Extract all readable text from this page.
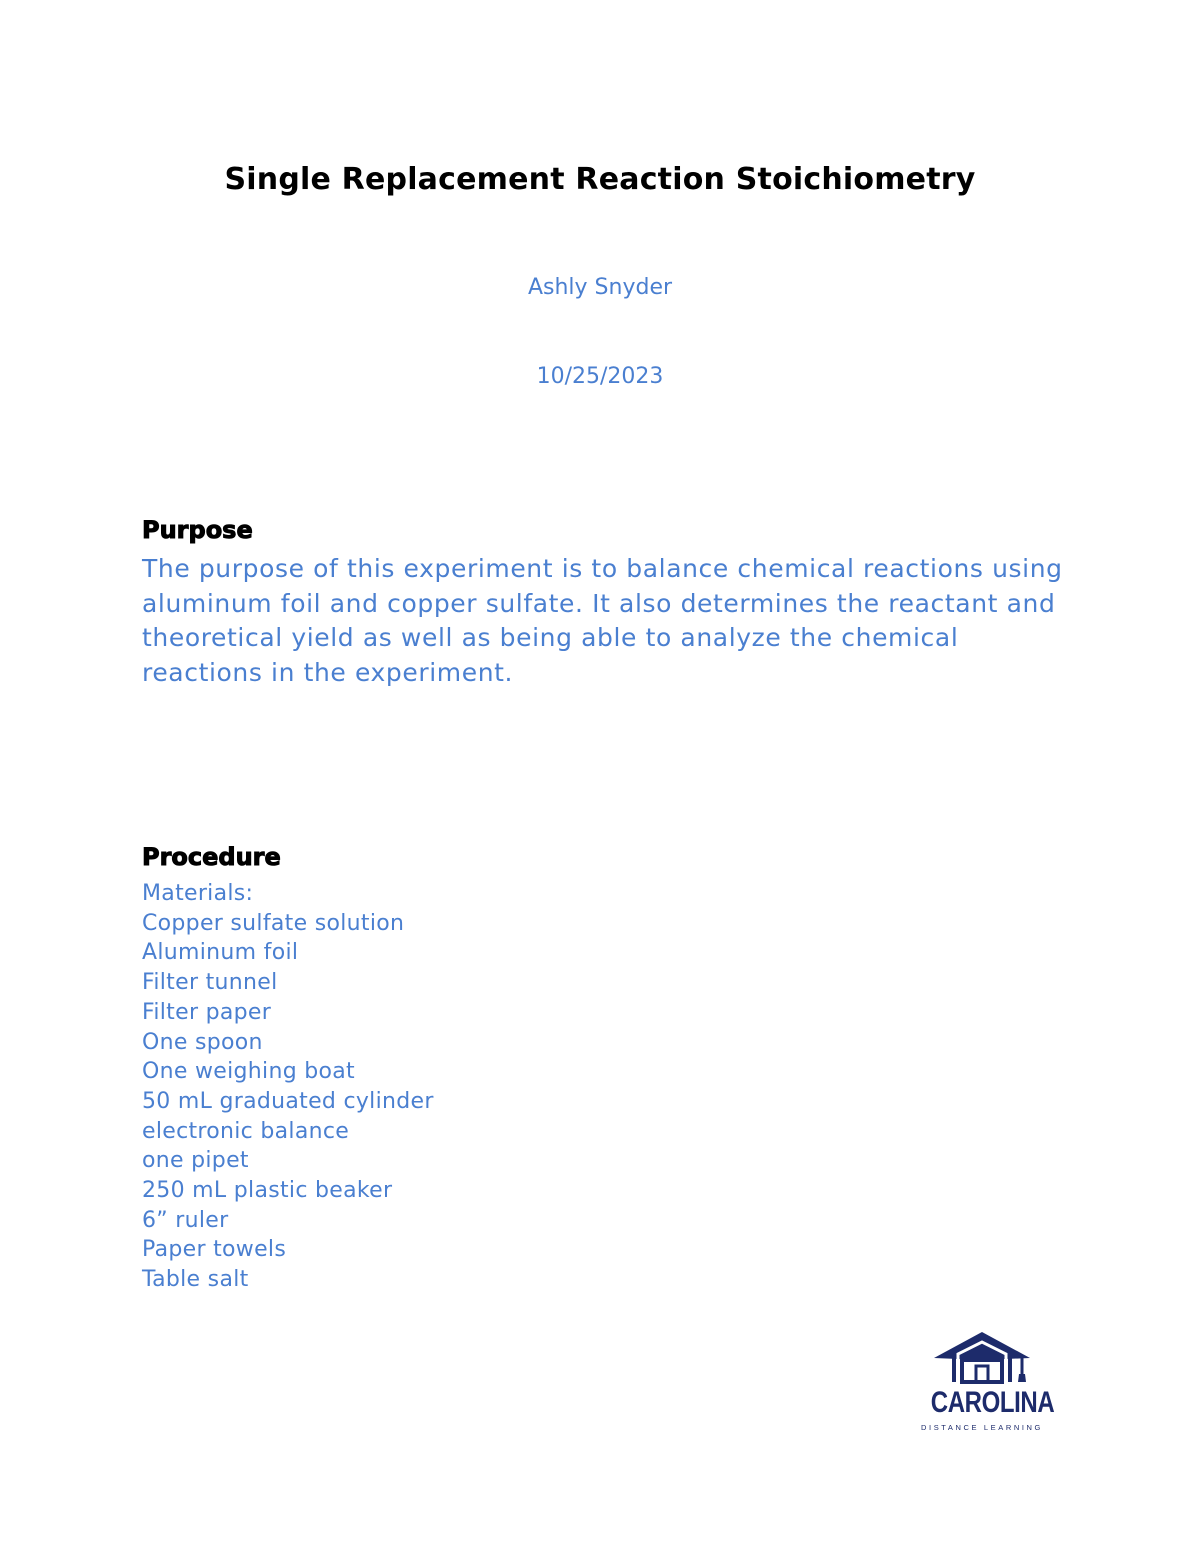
Single Replacement Reaction Stoichiometry
Ashly Snyder
10/25/2023
Purpose
The purpose of this experiment is to balance chemical reactions using aluminum foil and copper sulfate. It also determines the reactant and theoretical yield as well as being able to analyze the chemical reactions in the experiment.
Procedure
Materials:
Copper sulfate solution
Aluminum foil
Filter tunnel
Filter paper
One spoon
One weighing boat
50 mL graduated cylinder
electronic balance
one pipet
250 mL plastic beaker
6” ruler
Paper towels
Table salt
CAROLINA
DISTANCE LEARNING
